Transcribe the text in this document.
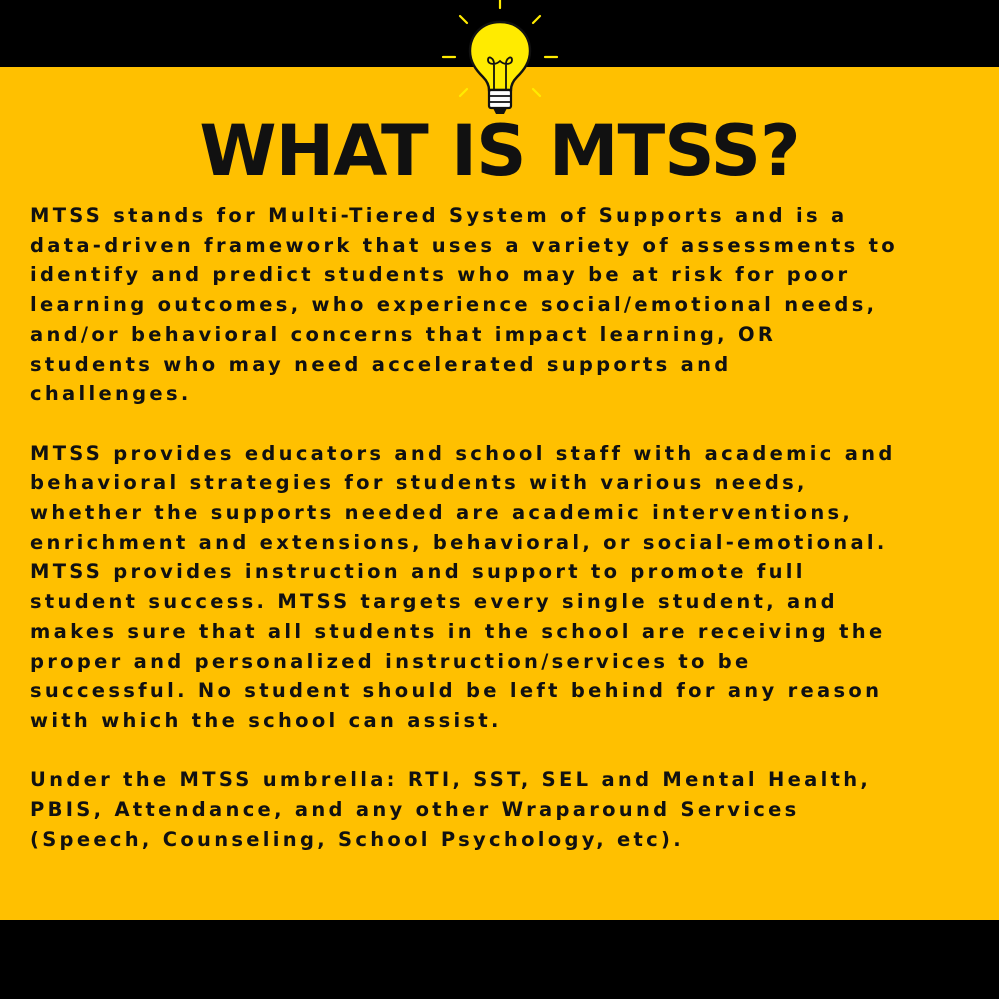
WHAT IS MTSS?

MTSS stands for Multi-Tiered System of Supports and is a
data-driven framework that uses a variety of assessments to
identify and predict students who may be at risk for poor
learning outcomes, who experience social/emotional needs,
and/or behavioral concerns that impact learning, OR
students who may need accelerated supports and
challenges.

MTSS provides educators and school staff with academic and
behavioral strategies for students with various needs,
whether the supports needed are academic interventions,
enrichment and extensions, behavioral, or social-emotional.
MTSS provides instruction and support to promote full
student success. MTSS targets every single student, and
makes sure that all students in the school are receiving the
proper and personalized instruction/services to be
successful. No student should be left behind for any reason
with which the school can assist.

Under the MTSS umbrella: RTI, SST, SEL and Mental Health,
PBIS, Attendance, and any other Wraparound Services
(Speech, Counseling, School Psychology, etc).
